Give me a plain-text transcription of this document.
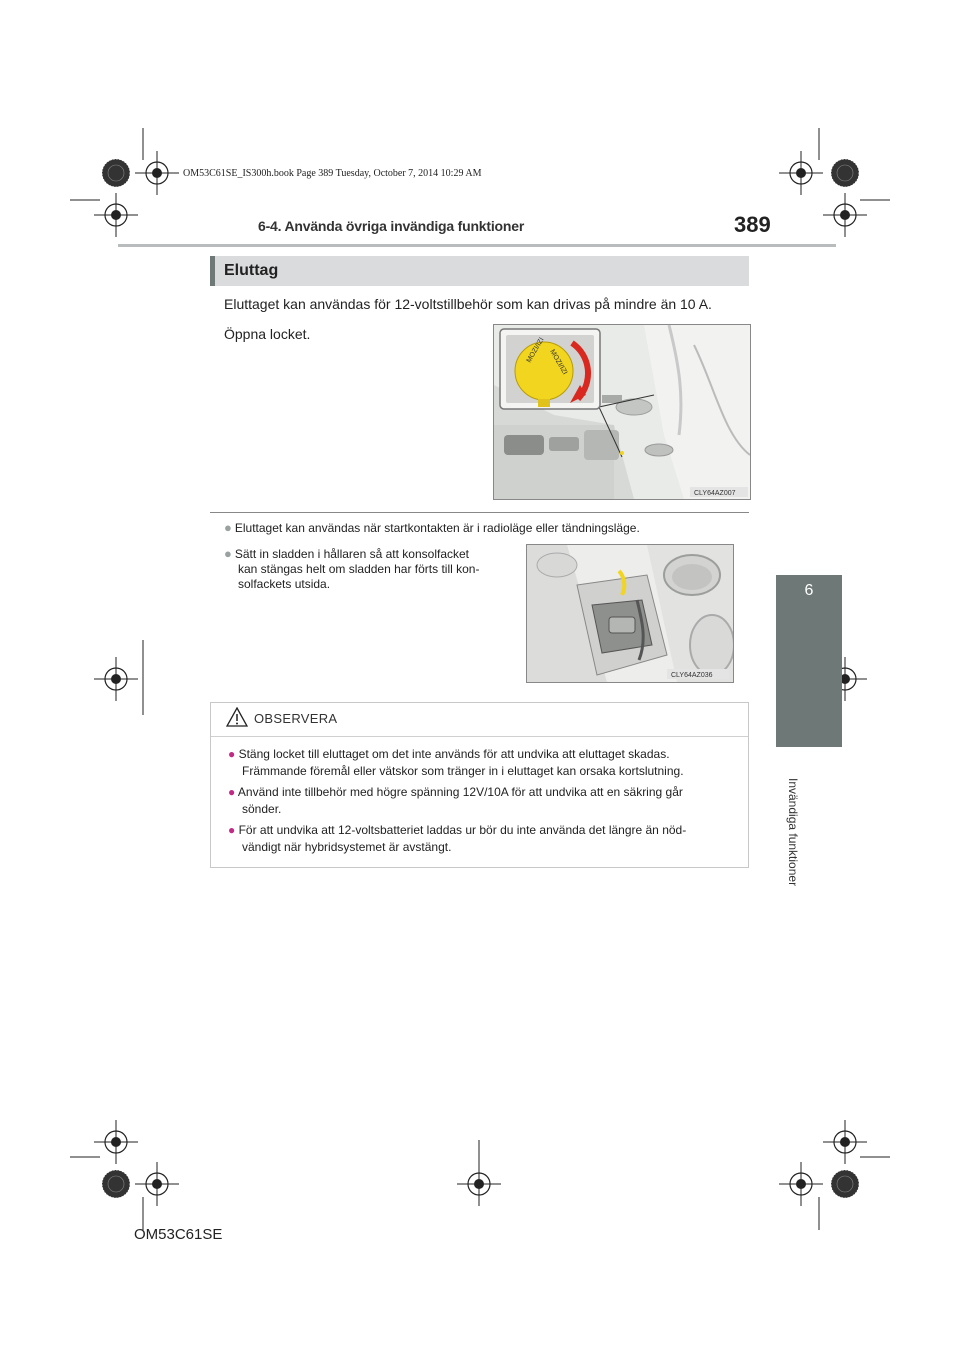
OM53C61SE_IS300h.book Page 389 Tuesday, October 7, 2014 10:29 AM
6-4. Använda övriga invändiga funktioner	389
6
Invändiga funktioner
Eluttag
Eluttaget kan användas för 12-voltstillbehör som kan drivas på mindre än 10 A.
Öppna locket.
MOZI/IZI MOZI/IZI
CLY64AZ007
● Eluttaget kan användas när startkontakten är i radioläge eller tändningsläge.
● Sätt in sladden i hållaren så att konsolfacket
kan stängas helt om sladden har förts till kon-
solfackets utsida.
CLY64AZ036
OBSERVERA
● Stäng locket till eluttaget om det inte används för att undvika att eluttaget skadas.
Främmande föremål eller vätskor som tränger in i eluttaget kan orsaka kortslutning.
● Använd inte tillbehör med högre spänning 12V/10A för att undvika att en säkring går
sönder.
● För att undvika att 12-voltsbatteriet laddas ur bör du inte använda det längre än nöd-
vändigt när hybridsystemet är avstängt.
OM53C61SE
